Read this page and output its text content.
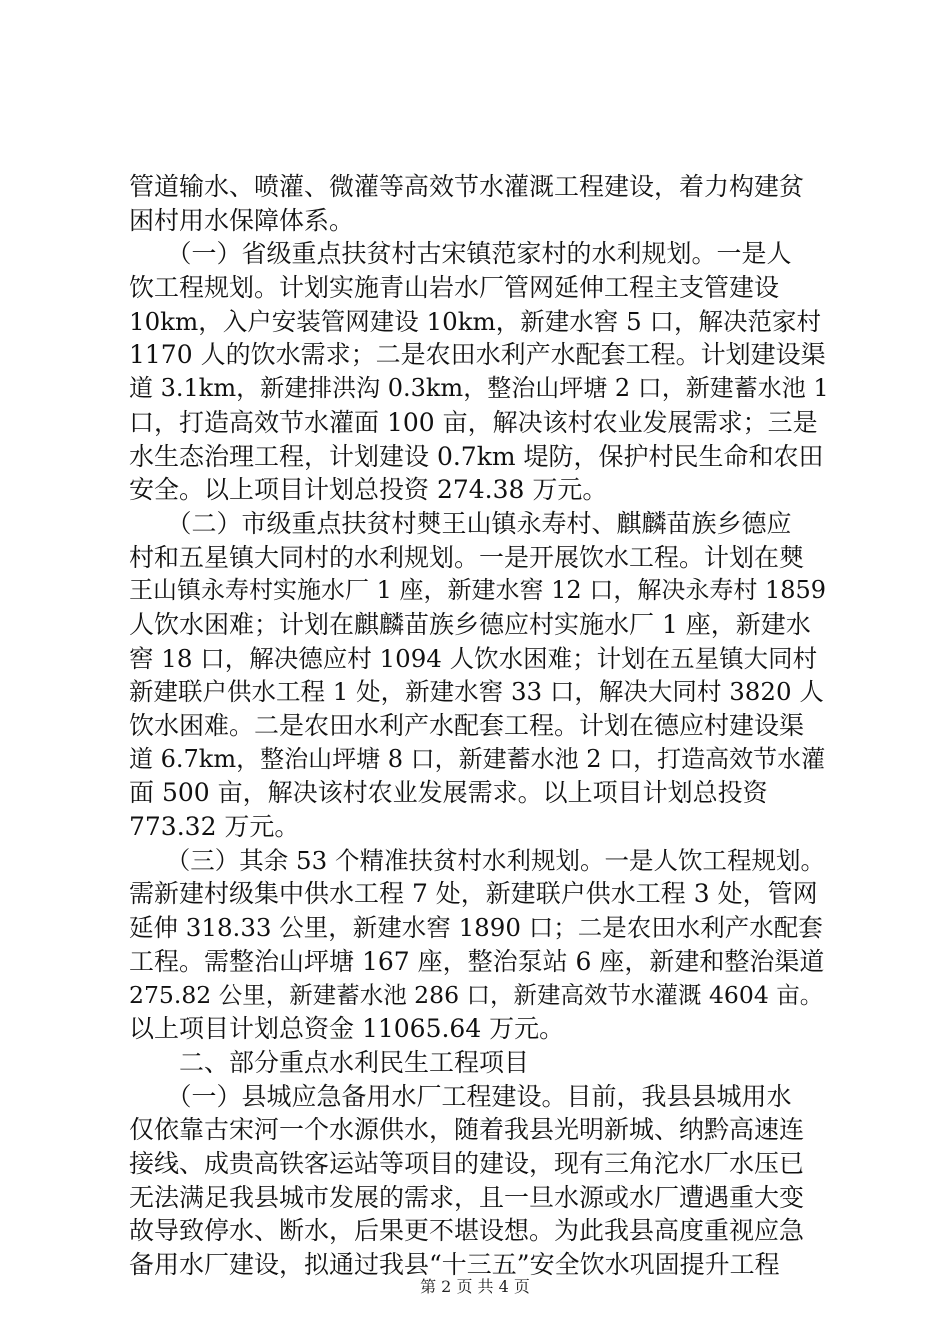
管道输水、喷灌、微灌等高效节水灌溉工程建设，着力构建贫
困村用水保障体系。
　　（一）省级重点扶贫村古宋镇范家村的水利规划。一是人
饮工程规划。计划实施青山岩水厂管网延伸工程主支管建设
10km，入户安装管网建设 10km，新建水窖 5 口，解决范家村
1170 人的饮水需求；二是农田水利产水配套工程。计划建设渠
道 3.1km，新建排洪沟 0.3km，整治山坪塘 2 口，新建蓄水池 1
口，打造高效节水灌面 100 亩，解决该村农业发展需求；三是
水生态治理工程，计划建设 0.7km 堤防，保护村民生命和农田
安全。以上项目计划总投资 274.38 万元。
　　（二）市级重点扶贫村僰王山镇永寿村、麒麟苗族乡德应
村和五星镇大同村的水利规划。一是开展饮水工程。计划在僰
王山镇永寿村实施水厂 1 座，新建水窖 12 口，解决永寿村 1859
人饮水困难；计划在麒麟苗族乡德应村实施水厂 1 座，新建水
窖 18 口，解决德应村 1094 人饮水困难；计划在五星镇大同村
新建联户供水工程 1 处，新建水窖 33 口，解决大同村 3820 人
饮水困难。二是农田水利产水配套工程。计划在德应村建设渠
道 6.7km，整治山坪塘 8 口，新建蓄水池 2 口，打造高效节水灌
面 500 亩，解决该村农业发展需求。以上项目计划总投资
773.32 万元。
　　（三）其余 53 个精准扶贫村水利规划。一是人饮工程规划。
需新建村级集中供水工程 7 处，新建联户供水工程 3 处，管网
延伸 318.33 公里，新建水窖 1890 口；二是农田水利产水配套
工程。需整治山坪塘 167 座，整治泵站 6 座，新建和整治渠道
275.82 公里，新建蓄水池 286 口，新建高效节水灌溉 4604 亩。
以上项目计划总资金 11065.64 万元。
　　二、部分重点水利民生工程项目
　　（一）县城应急备用水厂工程建设。目前，我县县城用水
仅依靠古宋河一个水源供水，随着我县光明新城、纳黔高速连
接线、成贵高铁客运站等项目的建设，现有三角沱水厂水压已
无法满足我县城市发展的需求，且一旦水源或水厂遭遇重大变
故导致停水、断水，后果更不堪设想。为此我县高度重视应急
备用水厂建设，拟通过我县“十三五”安全饮水巩固提升工程
第 2 页 共 4 页
